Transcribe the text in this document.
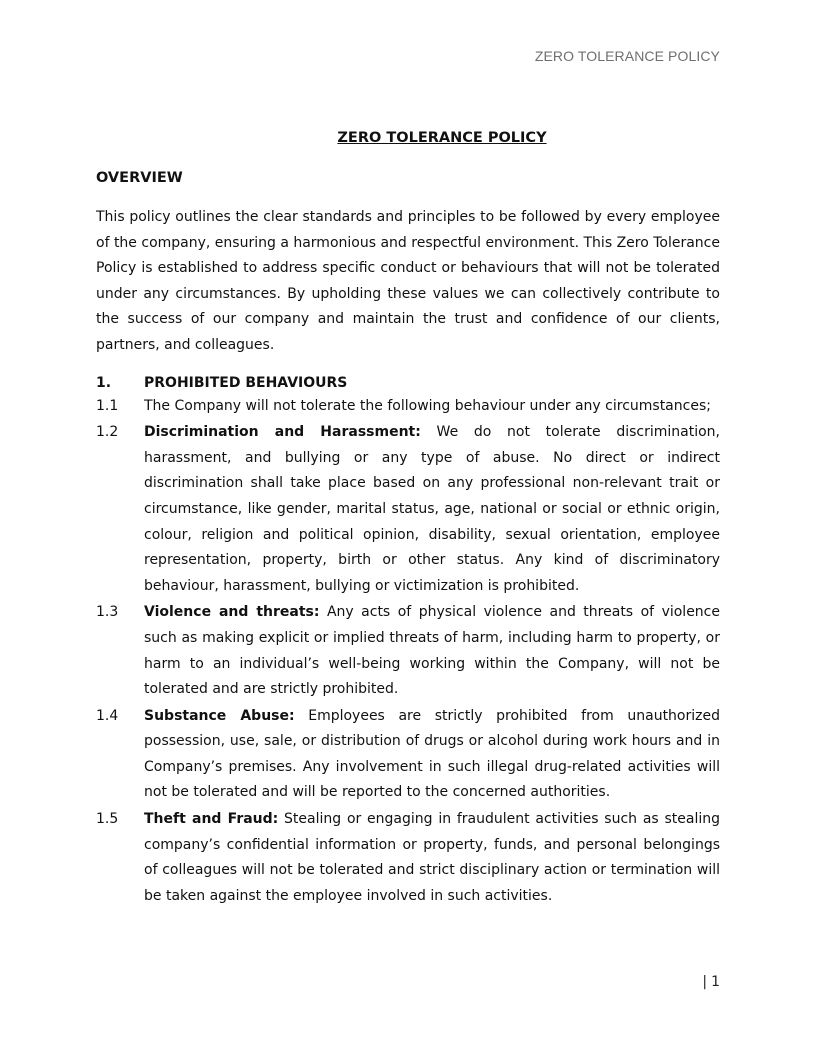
ZERO TOLERANCE POLICY
ZERO TOLERANCE POLICY
OVERVIEW
This policy outlines the clear standards and principles to be followed by every employee of the company, ensuring a harmonious and respectful environment. This Zero Tolerance Policy is established to address specific conduct or behaviours that will not be tolerated under any circumstances. By upholding these values we can collectively contribute to the success of our company and maintain the trust and confidence of our clients, partners, and colleagues.
1.	PROHIBITED BEHAVIOURS
1.1	The Company will not tolerate the following behaviour under any circumstances;
1.2	Discrimination and Harassment: We do not tolerate discrimination, harassment, and bullying or any type of abuse. No direct or indirect discrimination shall take place based on any professional non-relevant trait or circumstance, like gender, marital status, age, national or social or ethnic origin, colour, religion and political opinion, disability, sexual orientation, employee representation, property, birth or other status. Any kind of discriminatory behaviour, harassment, bullying or victimization is prohibited.
1.3	Violence and threats: Any acts of physical violence and threats of violence such as making explicit or implied threats of harm, including harm to property, or harm to an individual’s well-being working within the Company, will not be tolerated and are strictly prohibited.
1.4	Substance Abuse: Employees are strictly prohibited from unauthorized possession, use, sale, or distribution of drugs or alcohol during work hours and in Company’s premises. Any involvement in such illegal drug-related activities will not be tolerated and will be reported to the concerned authorities.
1.5	Theft and Fraud: Stealing or engaging in fraudulent activities such as stealing company’s confidential information or property, funds, and personal belongings of colleagues will not be tolerated and strict disciplinary action or termination will be taken against the employee involved in such activities.
| 1
